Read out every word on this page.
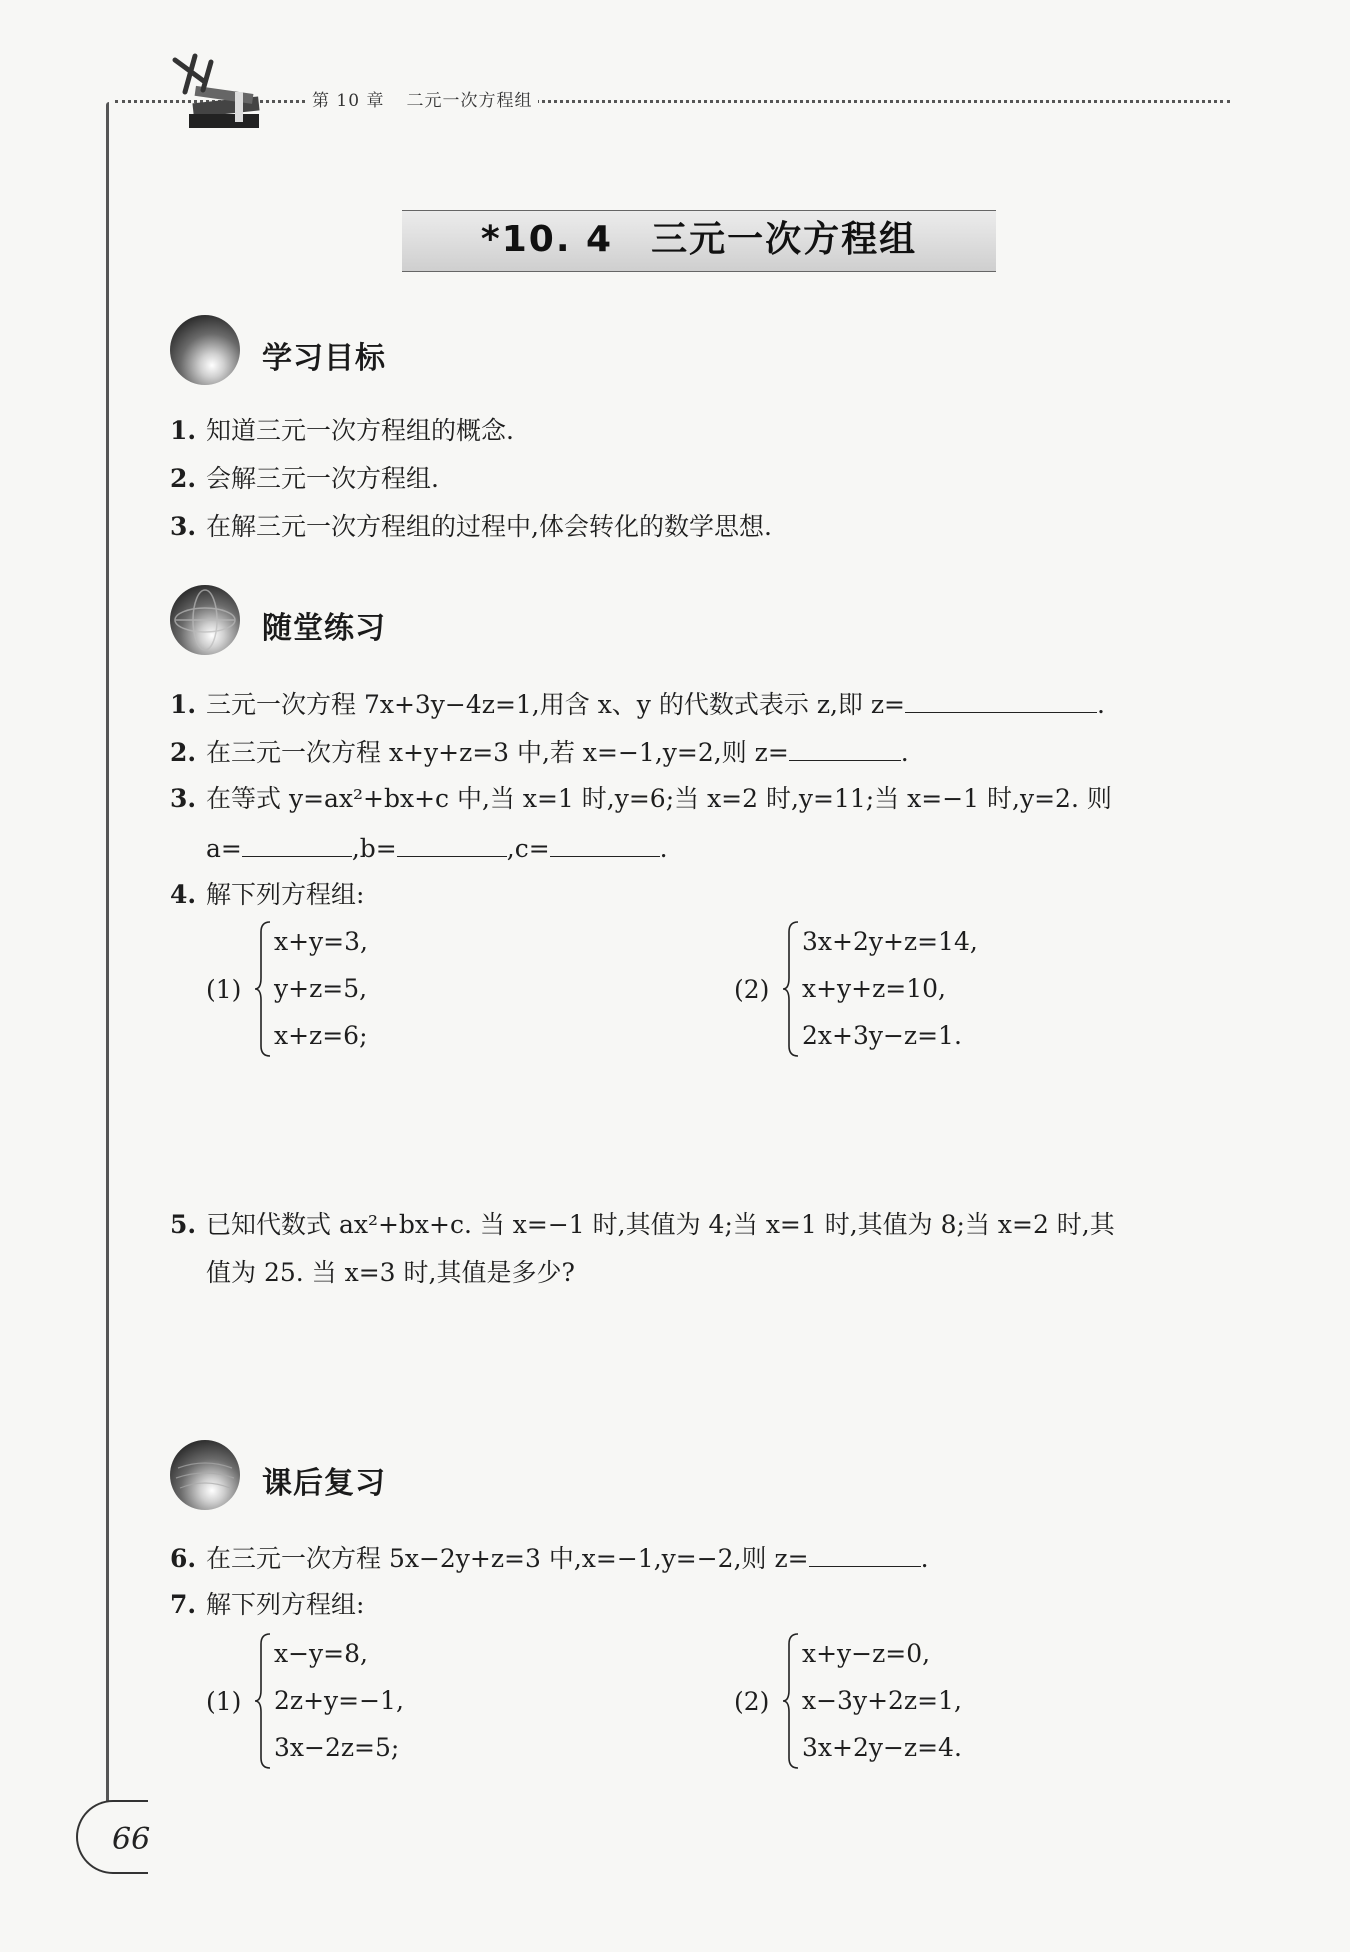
第 10 章 二元一次方程组
*10. 4　三元一次方程组
学习目标
1. 知道三元一次方程组的概念.
2. 会解三元一次方程组.
3. 在解三元一次方程组的过程中,体会转化的数学思想.
随堂练习
1. 三元一次方程 7x+3y−4z=1,用含 x、y 的代数式表示 z,即 z=	.
2. 在三元一次方程 x+y+z=3 中,若 x=−1,y=2,则 z=	.
3. 在等式 y=ax²+bx+c 中,当 x=1 时,y=6;当 x=2 时,y=11;当 x=−1 时,y=2. 则
a=	,b=	,c=	.
4. 解下列方程组:
(1)
x+y=3,
y+z=5,
x+z=6;
(2)
3x+2y+z=14,
x+y+z=10,
2x+3y−z=1.
5. 已知代数式 ax²+bx+c. 当 x=−1 时,其值为 4;当 x=1 时,其值为 8;当 x=2 时,其
值为 25. 当 x=3 时,其值是多少?
课后复习
6. 在三元一次方程 5x−2y+z=3 中,x=−1,y=−2,则 z=	.
7. 解下列方程组:
(1)
x−y=8,
2z+y=−1,
3x−2z=5;
(2)
x+y−z=0,
x−3y+2z=1,
3x+2y−z=4.
66
